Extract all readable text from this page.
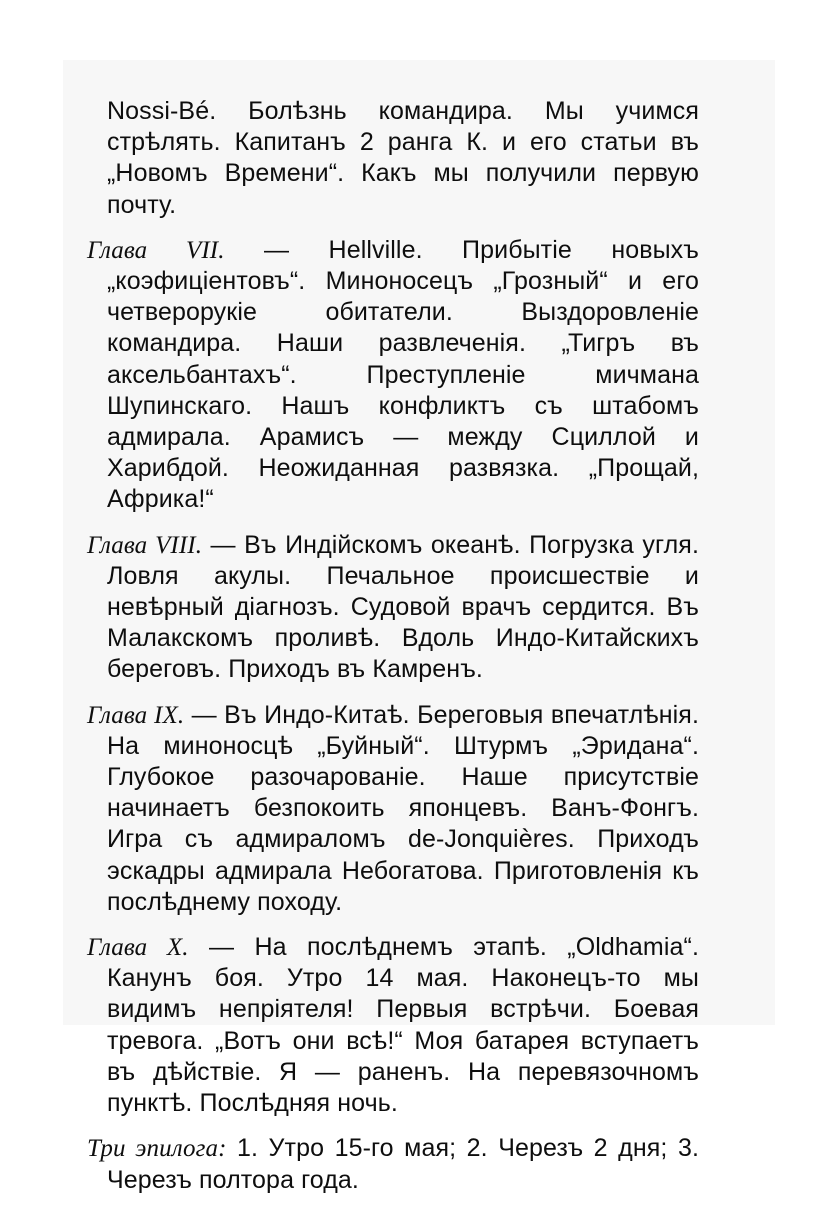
Nossi-Bé. Болѣзнь командира. Мы учимся стрѣлять. Капитанъ 2 ранга К. и его статьи въ „Новомъ Времени“. Какъ мы получили первую почту.

Глава VII. — Hellville. Прибытіе новыхъ „коэфиціентовъ“. Миноносецъ „Грозный“ и его четверорукіе обитатели. Выздоровленіе командира. Наши развлеченія. „Тигръ въ аксельбантахъ“. Преступленіе мичмана Шупинскаго. Нашъ конфликтъ съ штабомъ адмирала. Арамисъ — между Сциллой и Харибдой. Неожиданная развязка. „Прощай, Африка!“

Глава VIII. — Въ Индійскомъ океанѣ. Погрузка угля. Ловля акулы. Печальное происшествіе и невѣрный діагнозъ. Судовой врачъ сердится. Въ Малакскомъ проливѣ. Вдоль Индо-Китайскихъ береговъ. Приходъ въ Камренъ.

Глава IX. — Въ Индо-Китаѣ. Береговыя впечатлѣнія. На миноносцѣ „Буйный“. Штурмъ „Эридана“. Глубокое разочарованіе. Наше присутствіе начинаетъ безпокоить японцевъ. Ванъ-Фонгъ. Игра съ адмираломъ de-Jonquières. Приходъ эскадры адмирала Небогатова. Приготовленія къ послѣднему походу.

Глава X. — На послѣднемъ этапѣ. „Oldhamia“. Канунъ боя. Утро 14 мая. Наконецъ-то мы видимъ непріятеля! Первыя встрѣчи. Боевая тревога. „Вотъ они всѣ!“ Моя батарея вступаетъ въ дѣйствіе. Я — раненъ. На перевязочномъ пунктѣ. Послѣдняя ночь.

Три эпилога: 1. Утро 15-го мая; 2. Черезъ 2 дня; 3. Черезъ полтора года.
